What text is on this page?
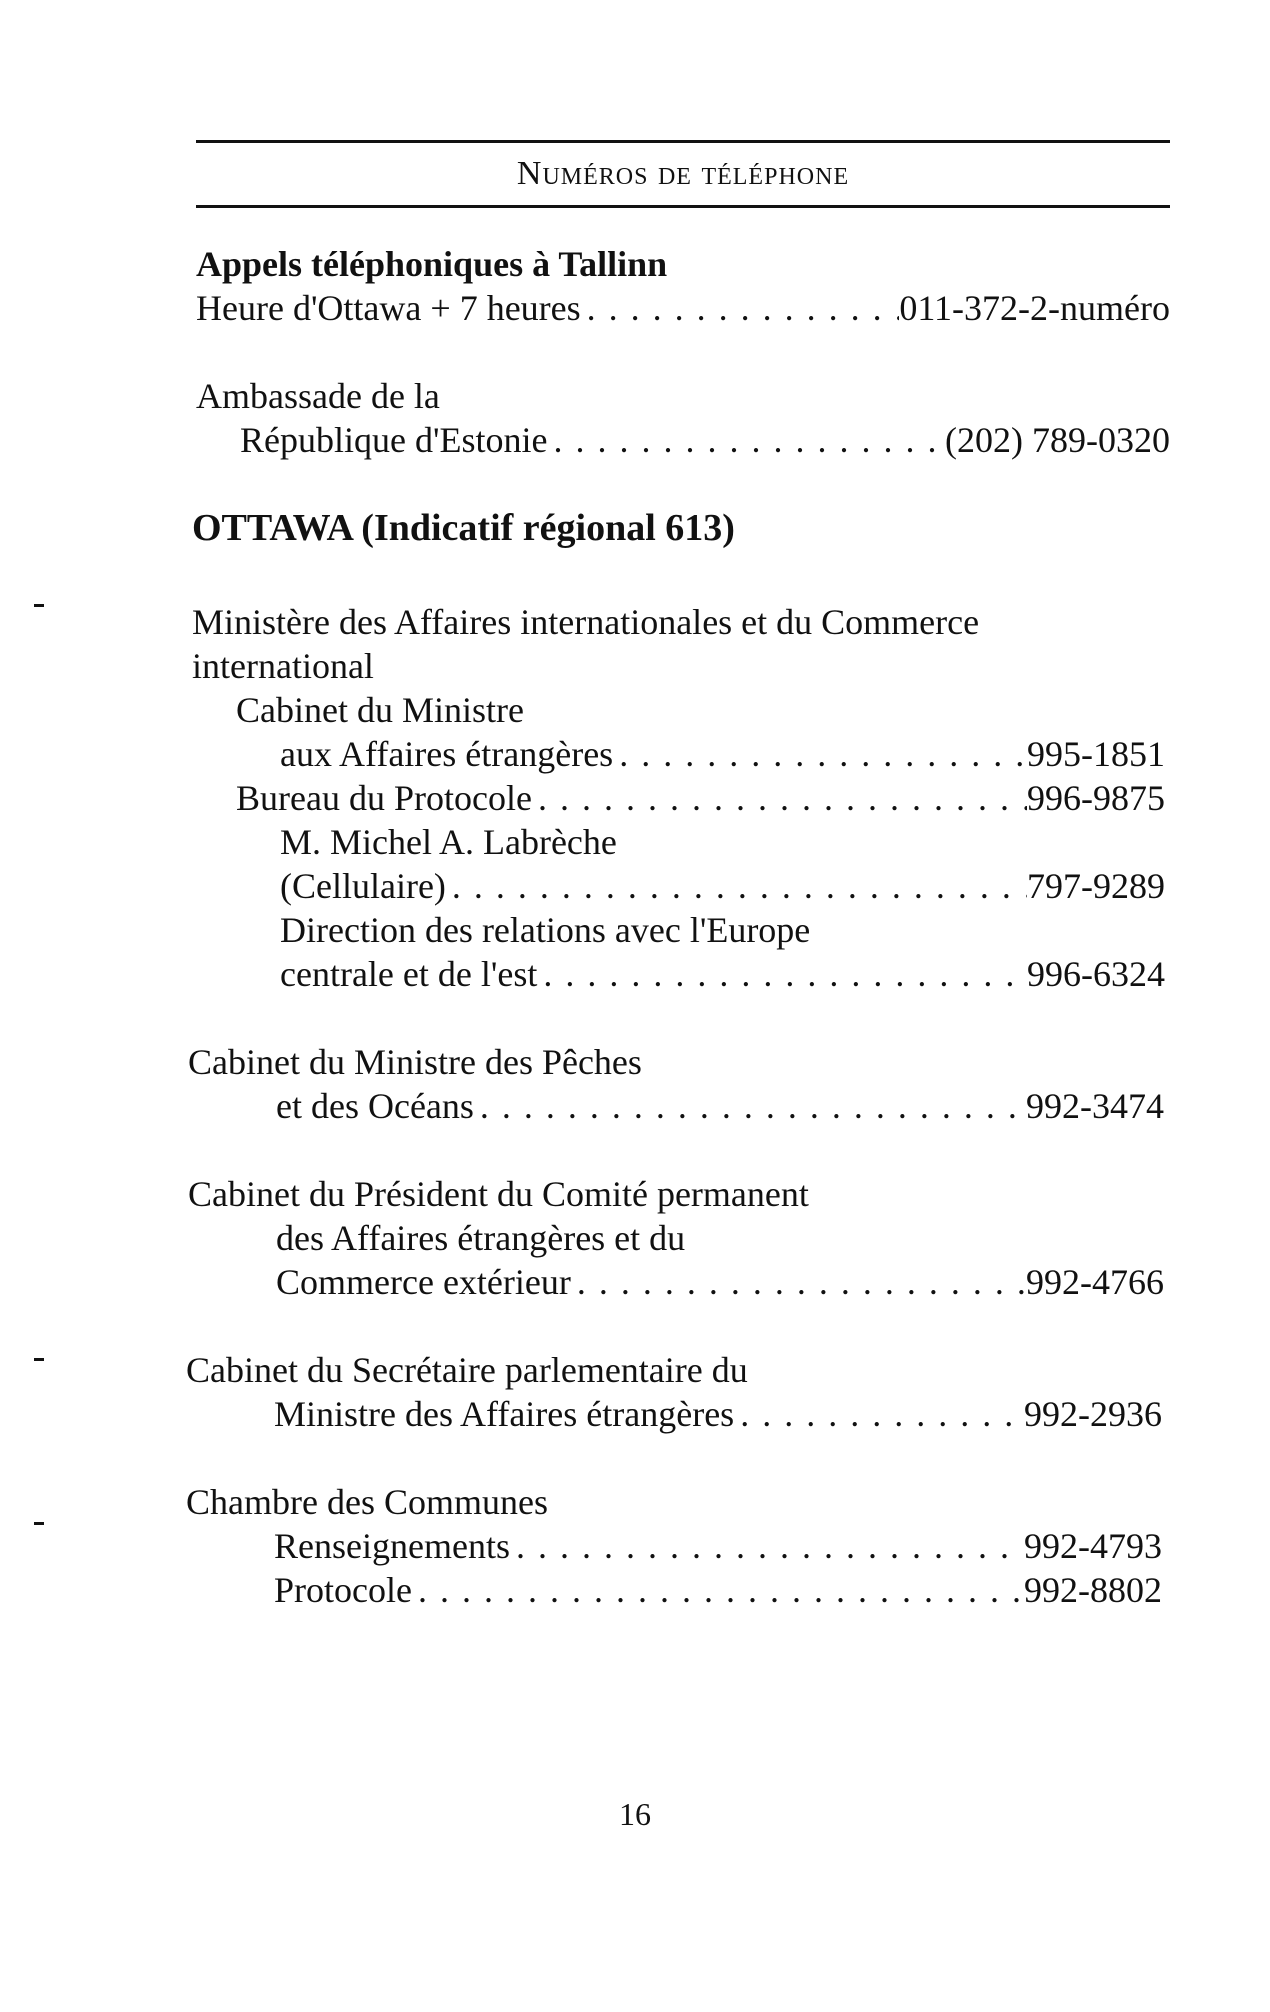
Numéros de téléphone
Appels téléphoniques à Tallinn
Heure d'Ottawa + 7 heures . . .	011-372-2-numéro
Ambassade de la
République d'Estonie . . .	(202) 789-0320
OTTAWA (Indicatif régional 613)
Ministère des Affaires internationales et du Commerce
international
Cabinet du Ministre
aux Affaires étrangères . . .	995-1851
Bureau du Protocole . . .	996-9875
M. Michel A. Labrèche
(Cellulaire) . . .	797-9289
Direction des relations avec l'Europe
centrale et de l'est . . .	996-6324
Cabinet du Ministre des Pêches
et des Océans . . .	992-3474
Cabinet du Président du Comité permanent
des Affaires étrangères et du
Commerce extérieur . . .	992-4766
Cabinet du Secrétaire parlementaire du
Ministre des Affaires étrangères . . .	992-2936
Chambre des Communes
Renseignements . . .	992-4793
Protocole . . .	992-8802
16
